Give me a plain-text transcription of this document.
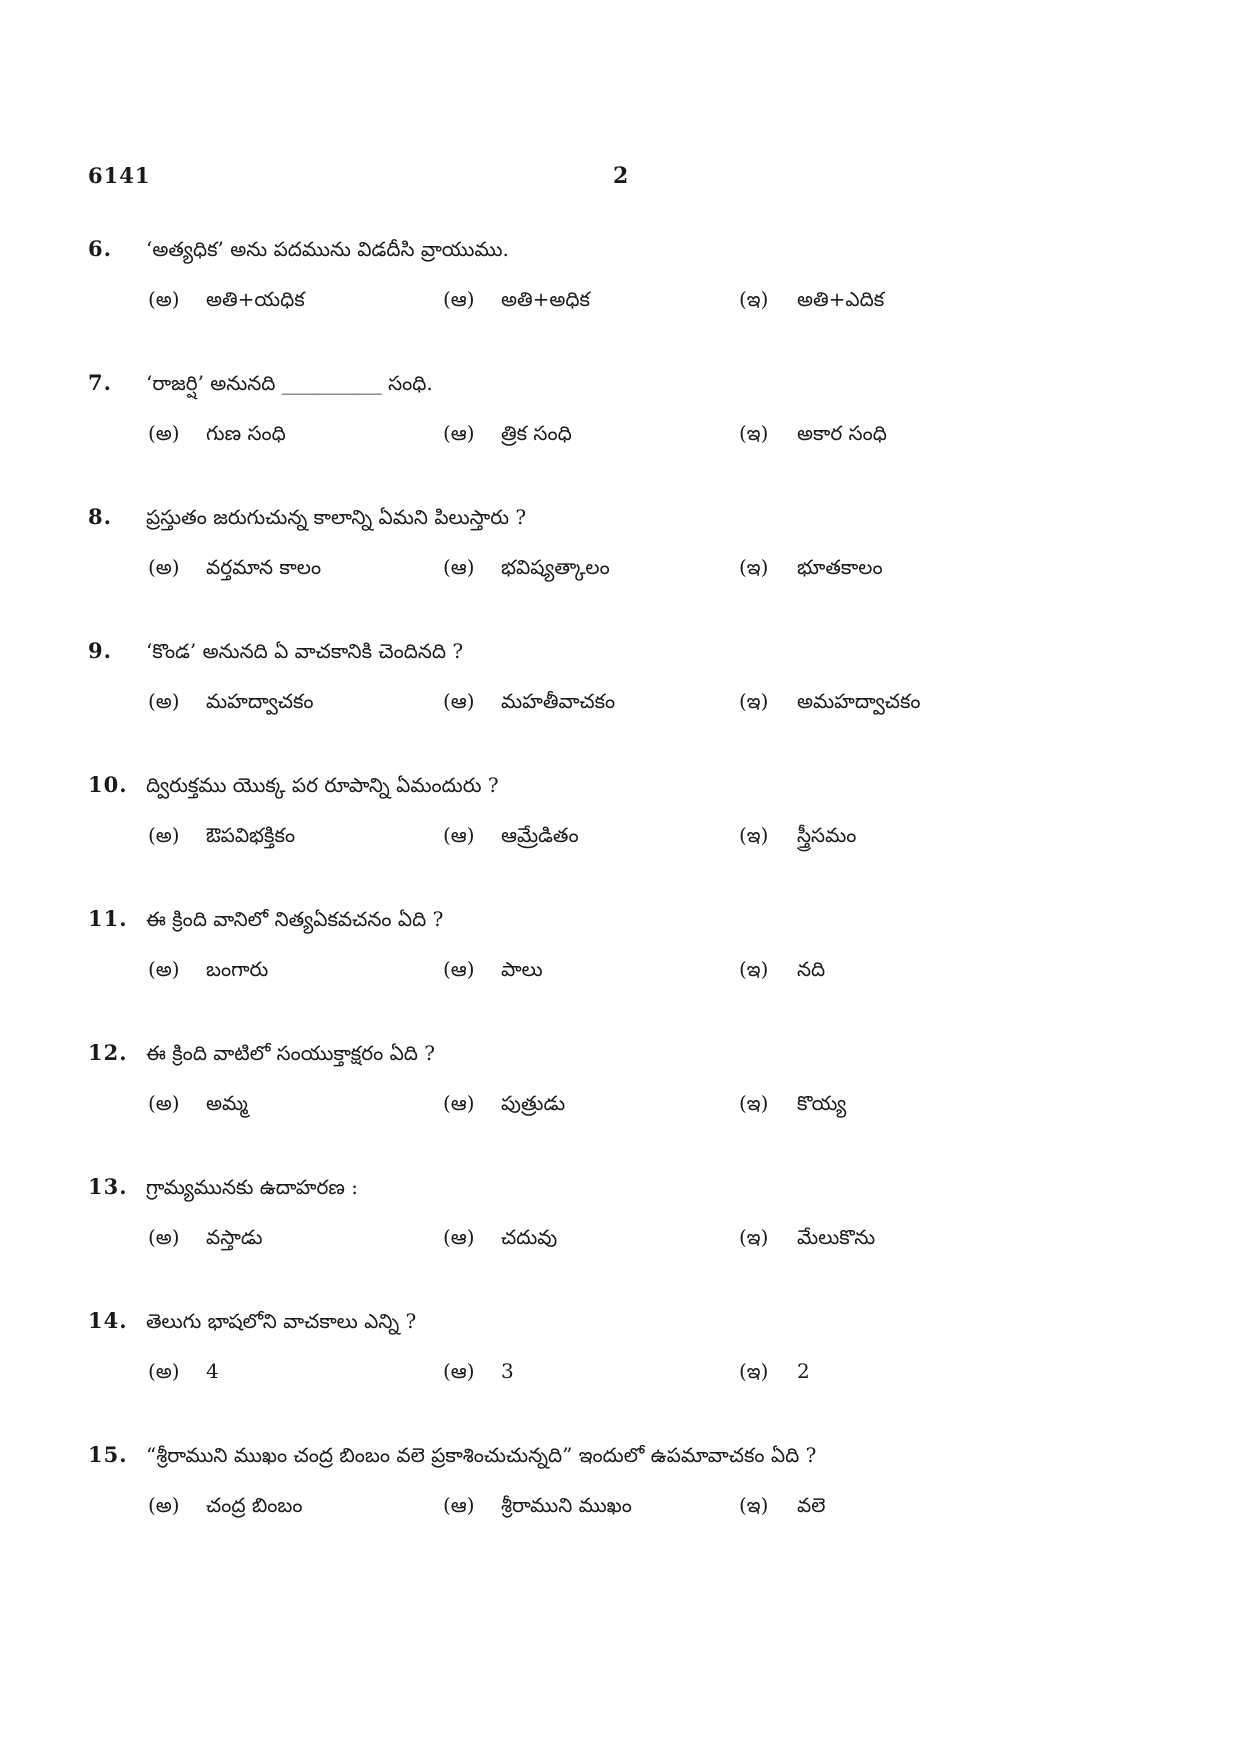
6141	2
6. ‘అత్యధిక’ అను పదమును విడదీసి వ్రాయుము.
(అ) అతి+యధిక	(ఆ) అతి+అధిక	(ఇ) అతి+ఎదిక
7. ‘రాజర్షి’ అనునది __________ సంధి.
(అ) గుణ సంధి	(ఆ) త్రిక సంధి	(ఇ) అకార సంధి
8. ప్రస్తుతం జరుగుచున్న కాలాన్ని ఏమని పిలుస్తారు ?
(అ) వర్తమాన కాలం	(ఆ) భవిష్యత్కాలం	(ఇ) భూతకాలం
9. ‘కొండ’ అనునది ఏ వాచకానికి చెందినది ?
(అ) మహద్వాచకం	(ఆ) మహతీవాచకం	(ఇ) అమహద్వాచకం
10. ద్విరుక్తము యొక్క పర రూపాన్ని ఏమందురు ?
(అ) ఔపవిభక్తికం	(ఆ) ఆమ్రేడితం	(ఇ) స్త్రీసమం
11. ఈ క్రింది వానిలో నిత్యఏకవచనం ఏది ?
(అ) బంగారు	(ఆ) పాలు	(ఇ) నది
12. ఈ క్రింది వాటిలో సంయుక్తాక్షరం ఏది ?
(అ) అమ్మ	(ఆ) పుత్రుడు	(ఇ) కొయ్య
13. గ్రామ్యమునకు ఉదాహరణ :
(అ) వస్తాడు	(ఆ) చదువు	(ఇ) మేలుకొను
14. తెలుగు భాషలోని వాచకాలు ఎన్ని ?
(అ) 4	(ఆ) 3	(ఇ) 2
15. “శ్రీరాముని ముఖం చంద్ర బింబం వలె ప్రకాశించుచున్నది” ఇందులో ఉపమావాచకం ఏది ?
(అ) చంద్ర బింబం	(ఆ) శ్రీరాముని ముఖం	(ఇ) వలె
